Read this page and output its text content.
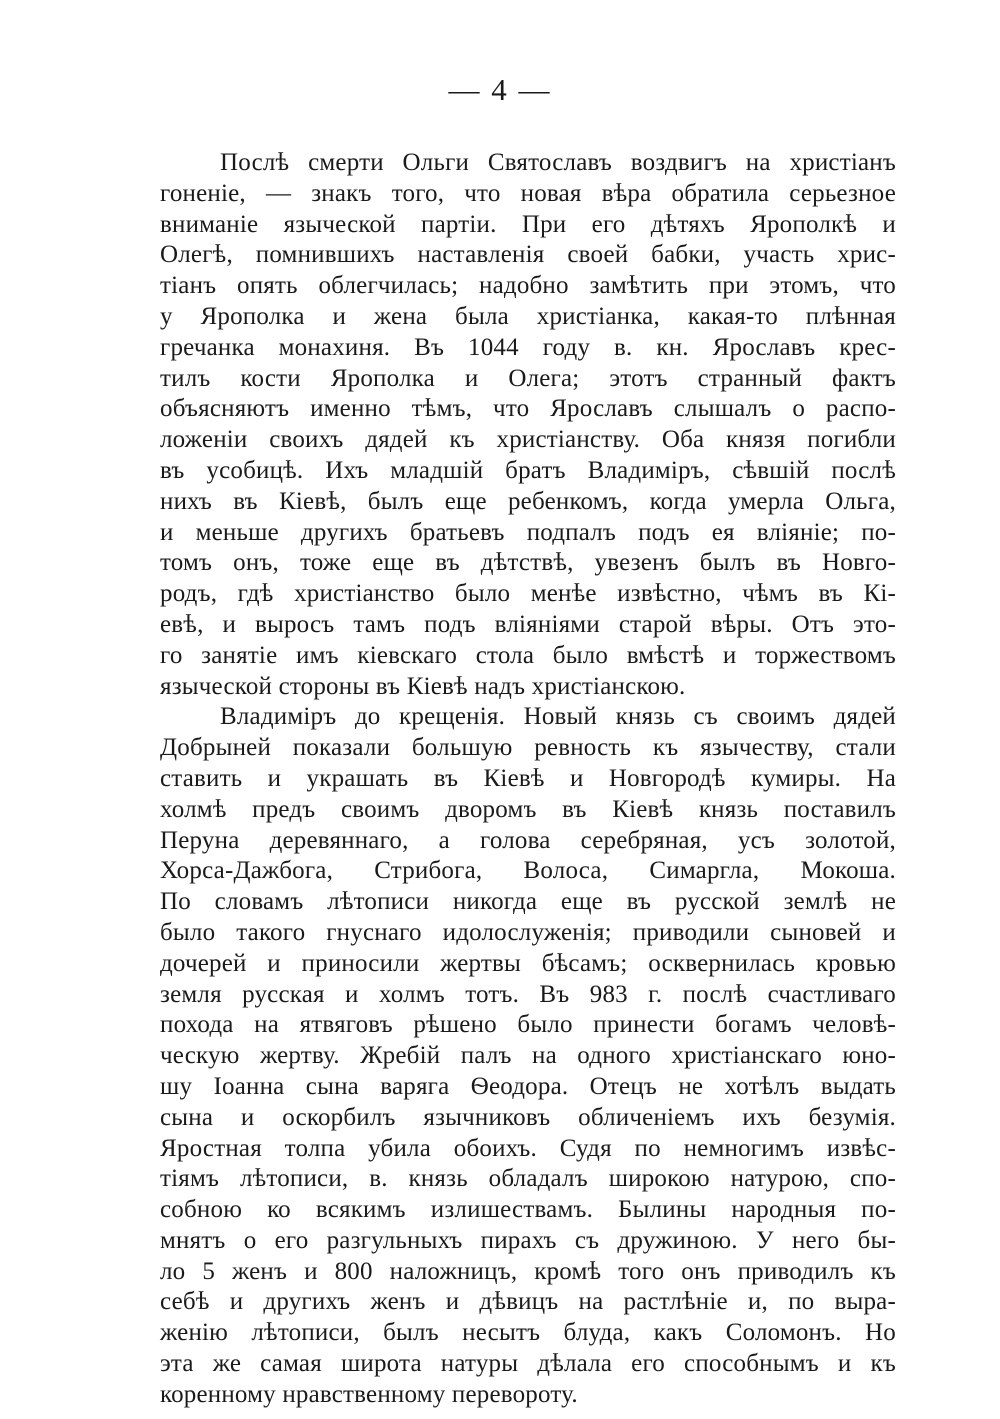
— 4 —
Послѣ смерти Ольги Святославъ воздвигъ на христіанъ
гоненіе, — знакъ того, что новая вѣра обратила серьезное
вниманіе языческой партіи. При его дѣтяхъ Ярополкѣ и
Олегѣ, помнившихъ наставленія своей бабки, участь хрис-
тіанъ опять облегчилась; надобно замѣтить при этомъ, что
у Ярополка и жена была христіанка, какая-то плѣнная
гречанка монахиня. Въ 1044 году в. кн. Ярославъ крес-
тилъ кости Ярополка и Олега; этотъ странный фактъ
объясняютъ именно тѣмъ, что Ярославъ слышалъ о распо-
ложеніи своихъ дядей къ христіанству. Оба князя погибли
въ усобицѣ. Ихъ младшій братъ Владиміръ, сѣвшій послѣ
нихъ въ Кіевѣ, былъ еще ребенкомъ, когда умерла Ольга,
и меньше другихъ братьевъ подпалъ подъ ея вліяніе; по-
томъ онъ, тоже еще въ дѣтствѣ, увезенъ былъ въ Новго-
родъ, гдѣ христіанство было менѣе извѣстно, чѣмъ въ Кі-
евѣ, и выросъ тамъ подъ вліяніями старой вѣры. Отъ это-
го занятіе имъ кіевскаго стола было вмѣстѣ и торжествомъ
языческой стороны въ Кіевѣ надъ христіанскою.
Владиміръ до крещенія. Новый князь съ своимъ дядей
Добрыней показали большую ревность къ язычеству, стали
ставить и украшать въ Кіевѣ и Новгородѣ кумиры. На
холмѣ предъ своимъ дворомъ въ Кіевѣ князь поставилъ
Перуна деревяннаго, а голова серебряная, усъ золотой,
Хорса-Дажбога, Стрибога, Волоса, Симаргла, Мокоша.
По словамъ лѣтописи никогда еще въ русской землѣ не
было такого гнуснаго идолослуженія; приводили сыновей и
дочерей и приносили жертвы бѣсамъ; осквернилась кровью
земля русская и холмъ тотъ. Въ 983 г. послѣ счастливаго
похода на ятвяговъ рѣшено было принести богамъ человѣ-
ческую жертву. Жребій палъ на одного христіанскаго юно-
шу Іоанна сына варяга Ѳеодора. Отецъ не хотѣлъ выдать
сына и оскорбилъ язычниковъ обличеніемъ ихъ безумія.
Яростная толпа убила обоихъ. Судя по немногимъ извѣс-
тіямъ лѣтописи, в. князь обладалъ широкою натурою, спо-
собною ко всякимъ излишествамъ. Былины народныя по-
мнятъ о его разгульныхъ пирахъ съ дружиною. У него бы-
ло 5 женъ и 800 наложницъ, кромѣ того онъ приводилъ къ
себѣ и другихъ женъ и дѣвицъ на растлѣніе и, по выра-
женію лѣтописи, былъ несытъ блуда, какъ Соломонъ. Но
эта же самая широта натуры дѣлала его способнымъ и къ
коренному нравственному перевороту.
